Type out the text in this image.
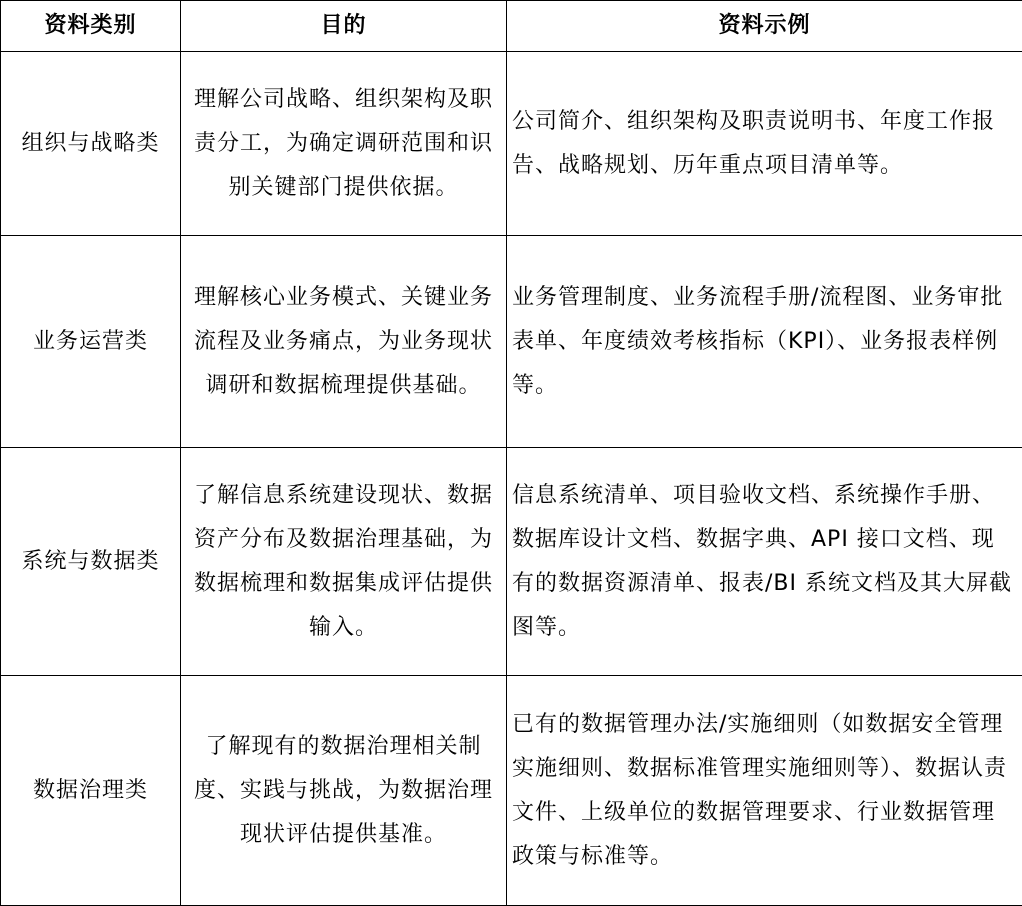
资料类别	目的	资料示例
组织与战略类	理解公司战略、组织架构及职责分工，为确定调研范围和识别关键部门提供依据。	公司简介、组织架构及职责说明书、年度工作报告、战略规划、历年重点项目清单等。
业务运营类	理解核心业务模式、关键业务流程及业务痛点，为业务现状调研和数据梳理提供基础。	业务管理制度、业务流程手册/流程图、业务审批表单、年度绩效考核指标（KPI）、业务报表样例等。
系统与数据类	了解信息系统建设现状、数据资产分布及数据治理基础，为数据梳理和数据集成评估提供输入。	信息系统清单、项目验收文档、系统操作手册、数据库设计文档、数据字典、API 接口文档、现有的数据资源清单、报表/BI 系统文档及其大屏截图等。
数据治理类	了解现有的数据治理相关制度、实践与挑战，为数据治理现状评估提供基准。	已有的数据管理办法/实施细则（如数据安全管理实施细则、数据标准管理实施细则等）、数据认责文件、上级单位的数据管理要求、行业数据管理政策与标准等。
